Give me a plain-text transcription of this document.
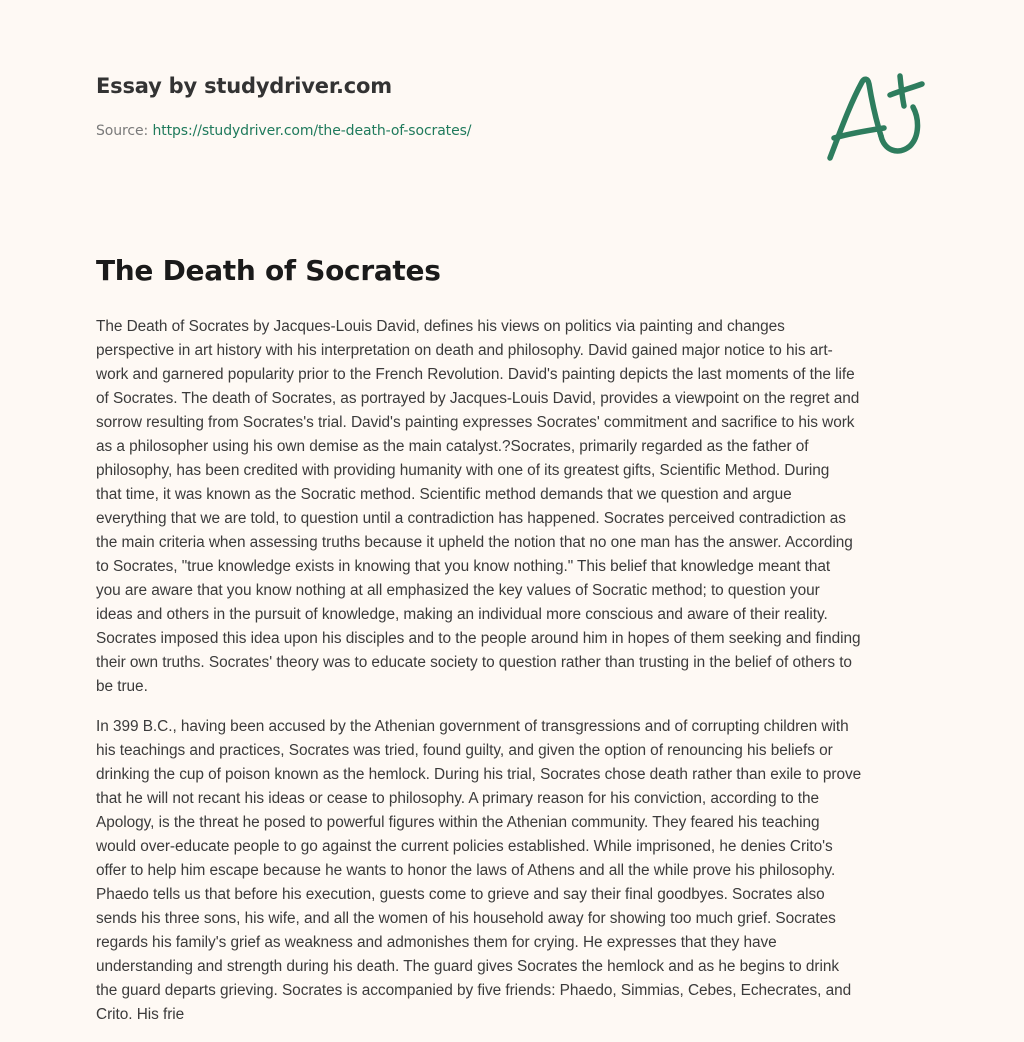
Essay by studydriver.com
Source: https://studydriver.com/the-death-of-socrates/
The Death of Socrates
The Death of Socrates by Jacques-Louis David, defines his views on politics via painting and changes
perspective in art history with his interpretation on death and philosophy. David gained major notice to his art-
work and garnered popularity prior to the French Revolution. David's painting depicts the last moments of the life
of Socrates. The death of Socrates, as portrayed by Jacques-Louis David, provides a viewpoint on the regret and
sorrow resulting from Socrates's trial. David's painting expresses Socrates' commitment and sacrifice to his work
as a philosopher using his own demise as the main catalyst.?Socrates, primarily regarded as the father of
philosophy, has been credited with providing humanity with one of its greatest gifts, Scientific Method. During
that time, it was known as the Socratic method. Scientific method demands that we question and argue
everything that we are told, to question until a contradiction has happened. Socrates perceived contradiction as
the main criteria when assessing truths because it upheld the notion that no one man has the answer. According
to Socrates, "true knowledge exists in knowing that you know nothing." This belief that knowledge meant that
you are aware that you know nothing at all emphasized the key values of Socratic method; to question your
ideas and others in the pursuit of knowledge, making an individual more conscious and aware of their reality.
Socrates imposed this idea upon his disciples and to the people around him in hopes of them seeking and finding
their own truths. Socrates' theory was to educate society to question rather than trusting in the belief of others to
be true.
In 399 B.C., having been accused by the Athenian government of transgressions and of corrupting children with
his teachings and practices, Socrates was tried, found guilty, and given the option of renouncing his beliefs or
drinking the cup of poison known as the hemlock. During his trial, Socrates chose death rather than exile to prove
that he will not recant his ideas or cease to philosophy. A primary reason for his conviction, according to the
Apology, is the threat he posed to powerful figures within the Athenian community. They feared his teaching
would over-educate people to go against the current policies established. While imprisoned, he denies Crito's
offer to help him escape because he wants to honor the laws of Athens and all the while prove his philosophy.
Phaedo tells us that before his execution, guests come to grieve and say their final goodbyes. Socrates also
sends his three sons, his wife, and all the women of his household away for showing too much grief. Socrates
regards his family's grief as weakness and admonishes them for crying. He expresses that they have
understanding and strength during his death. The guard gives Socrates the hemlock and as he begins to drink
the guard departs grieving. Socrates is accompanied by five friends: Phaedo, Simmias, Cebes, Echecrates, and
Crito. His frie
